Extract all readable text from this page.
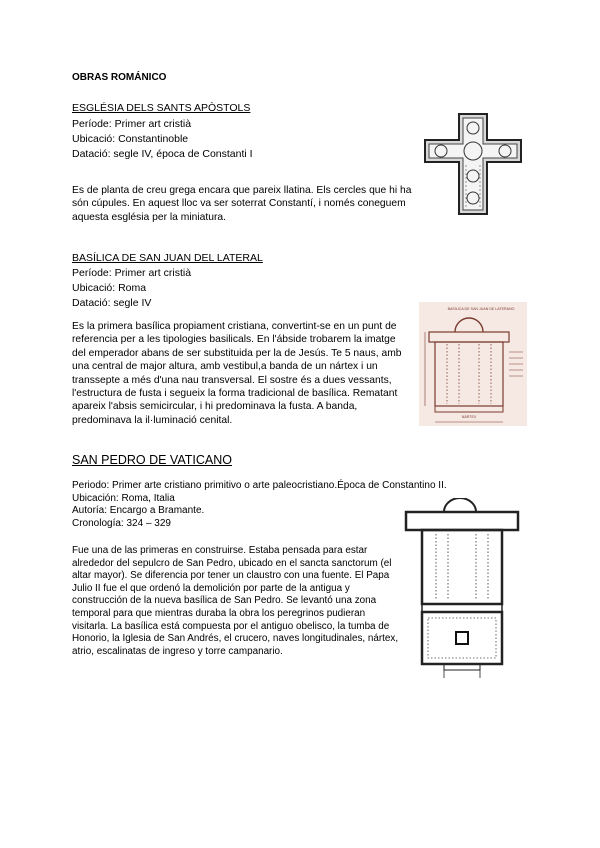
OBRAS ROMÁNICO
ESGLÉSIA DELS SANTS APÒSTOLS
Període: Primer art cristià
Ubicació: Constantinoble
Datació: segle IV, época de Constanti I
Es de planta de creu grega encara que pareix llatina. Els cercles que hi ha són cúpules. En aquest lloc va ser soterrat Constantí, i només coneguem aquesta església per la miniatura.
BASÍLICA DE SAN JUAN DEL LATERAL
Període: Primer art cristià
Ubicació: Roma
Datació: segle IV
Es la primera basílica propiament cristiana, convertint-se en un punt de referencia per a les tipologies basilicals. En l'ábside trobarem la imatge del emperador abans de ser substituida per la de Jesús. Te 5 naus, amb una central de major altura, amb vestibul,a banda de un nártex i un transsepte a més d'una nau transversal. El sostre és a dues vessants, l'estructura de fusta i segueix la forma tradicional de basílica. Rematant apareix l'absis semicircular, i hi predominava la fusta. A banda, predominava la il·luminació cenital.
BASILICA DE SAN JUAN DE LATERANO
NÁRTEX
SAN PEDRO DE VATICANO
Periodo: Primer arte cristiano primitivo o arte paleocristiano.Época de Constantino II.
Ubicación: Roma, Italia
Autoría: Encargo a Bramante.
Cronología: 324 – 329
Fue una de las primeras en construirse. Estaba pensada para estar alrededor del sepulcro de San Pedro, ubicado en el sancta sanctorum (el altar mayor). Se diferencia por tener un claustro con una fuente. El Papa Julio II fue el que ordenó la demolición por parte de la antigua y construcción de la nueva basílica de San Pedro. Se levantó una zona temporal para que mientras duraba la obra los peregrinos pudieran visitarla. La basílica está compuesta por el antiguo obelisco, la tumba de Honorio, la Iglesia de San Andrés, el crucero, naves longitudinales, nártex, atrio, escalinatas de ingreso y torre campanario.
